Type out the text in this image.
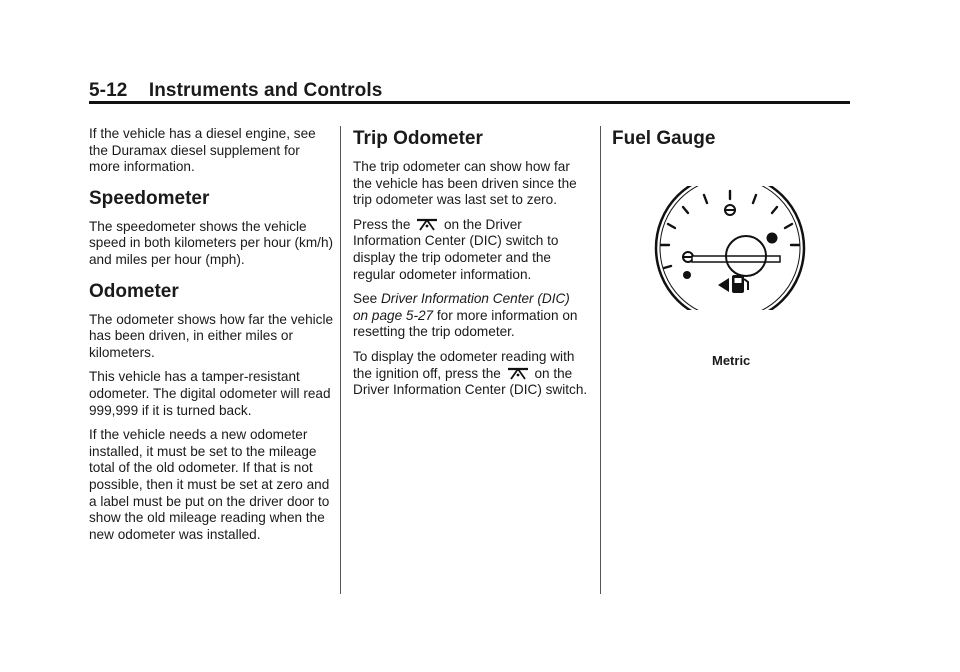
5-12 Instruments and Controls

If the vehicle has a diesel engine, see the Duramax diesel supplement for more information.

Speedometer

The speedometer shows the vehicle speed in both kilometers per hour (km/h) and miles per hour (mph).

Odometer

The odometer shows how far the vehicle has been driven, in either miles or kilometers.

This vehicle has a tamper-resistant odometer. The digital odometer will read 999,999 if it is turned back.

If the vehicle needs a new odometer installed, it must be set to the mileage total of the old odometer. If that is not possible, then it must be set at zero and a label must be put on the driver door to show the old mileage reading when the new odometer was installed.

Trip Odometer

The trip odometer can show how far the vehicle has been driven since the trip odometer was last set to zero.

Press the on the Driver Information Center (DIC) switch to display the trip odometer and the regular odometer information.

See Driver Information Center (DIC) on page 5-27 for more information on resetting the trip odometer.

To display the odometer reading with the ignition off, press the on the Driver Information Center (DIC) switch.

Fuel Gauge
Metric
